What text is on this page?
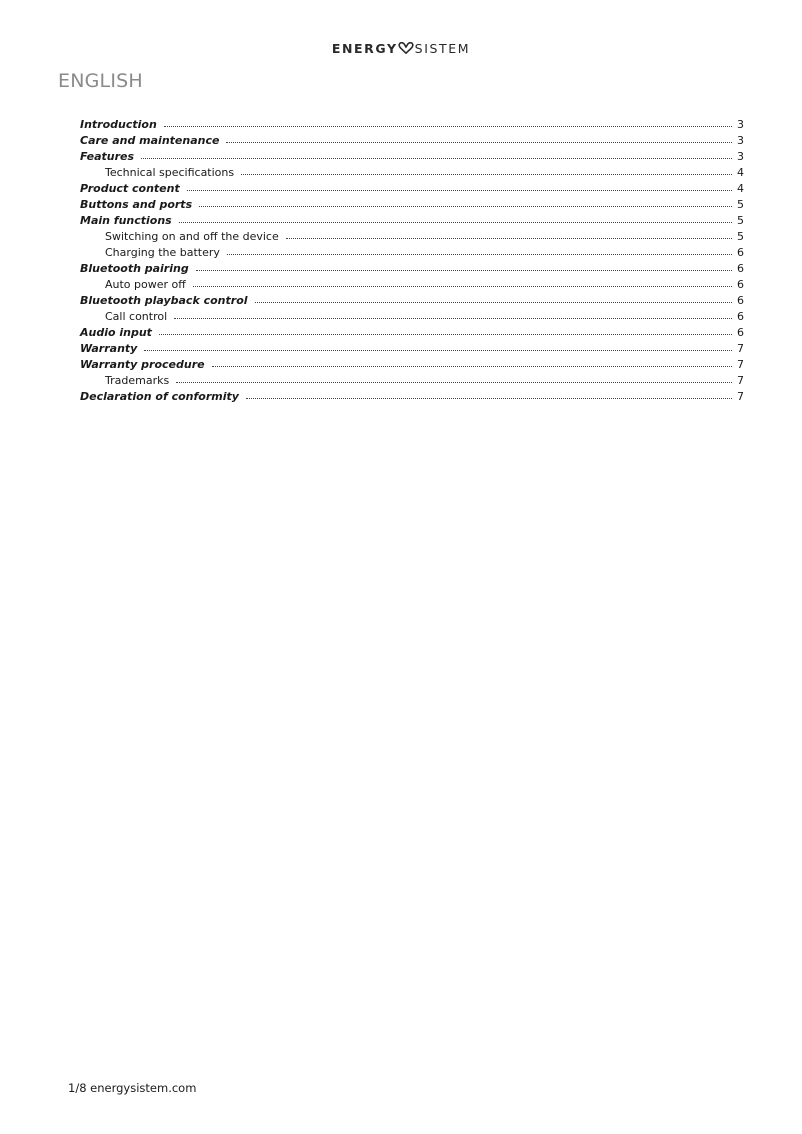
ENERGY SISTEM
ENGLISH
Introduction	3
Care and maintenance	3
Features	3
Technical specifications	4
Product content	4
Buttons and ports	5
Main functions	5
Switching on and off the device	5
Charging the battery	6
Bluetooth pairing	6
Auto power off	6
Bluetooth playback control	6
Call control	6
Audio input	6
Warranty	7
Warranty procedure	7
Trademarks	7
Declaration of conformity	7
1/8 energysistem.com
